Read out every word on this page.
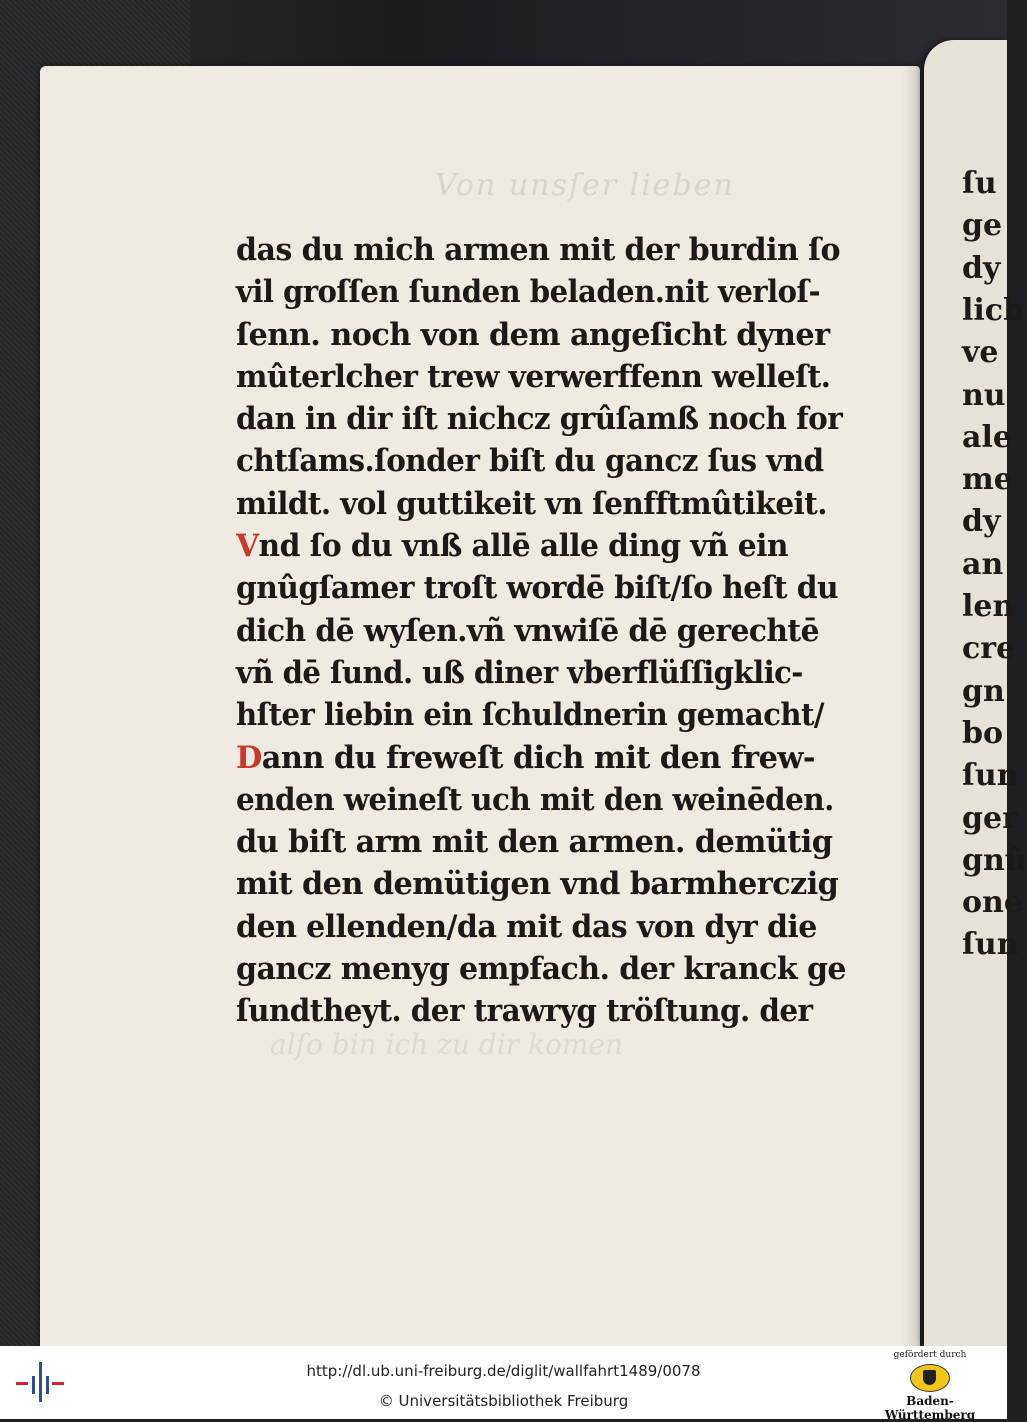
Von unsſer lieben
alſo bin ich zu dir komen
das du mich armen mit der burdin ſo
vil groſſen ſunden beladen.nit verloſ-
ſenn. noch von dem angeſicht dyner
mûterlcher trew verwerffenn welleſt.
dan in dir iſt nichcz grûſamß noch for
chtſams.ſonder biſt du gancz ſus vnd
mildt. vol guttikeit vn ſenfftmûtikeit.
Vnd ſo du vnß allē alle ding vñ ein
gnûgſamer troſt wordē biſt/ſo heſt du
dich dē wyſen.vñ vnwiſē dē gerechtē
vñ dē ſund. uß diner vberflüſſigklic-
hſter liebin ein ſchuldnerin gemacht/
Dann du freweſt dich mit den frew-
enden weineſt uch mit den weinēden.
du biſt arm mit den armen. demütig
mit den demütigen vnd barmherczig
den ellenden/da mit das von dyr die
gancz menyg empfach. der kranck ge
ſundtheyt. der trawryg tröſtung. der
ſu
ge
dy
lich
ve
nu
ale
me
dy
an
len
cre
gn
bo
ſun
ger
gnû
one
ſun
http://dl.ub.uni-freiburg.de/diglit/wallfahrt1489/0078
© Universitätsbibliothek Freiburg
gefördert durch
Baden-Württemberg
